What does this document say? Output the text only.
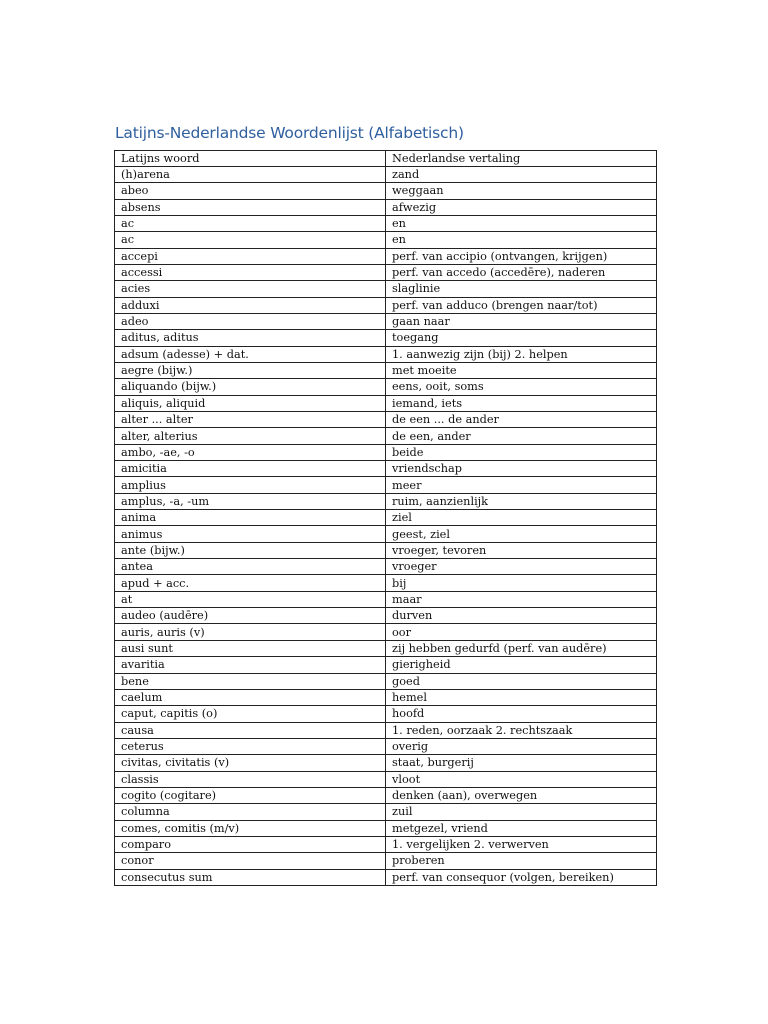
Latijns-Nederlandse Woordenlijst (Alfabetisch)
Latijns woord	Nederlandse vertaling
(h)arena	zand
abeo	weggaan
absens	afwezig
ac	en
ac	en
accepi	perf. van accipio (ontvangen, krijgen)
accessi	perf. van accedo (accedēre), naderen
acies	slaglinie
adduxi	perf. van adduco (brengen naar/tot)
adeo	gaan naar
aditus, aditus	toegang
adsum (adesse) + dat.	1. aanwezig zijn (bij) 2. helpen
aegre (bijw.)	met moeite
aliquando (bijw.)	eens, ooit, soms
aliquis, aliquid	iemand, iets
alter ... alter	de een ... de ander
alter, alterius	de een, ander
ambo, -ae, -o	beide
amicitia	vriendschap
amplius	meer
amplus, -a, -um	ruim, aanzienlijk
anima	ziel
animus	geest, ziel
ante (bijw.)	vroeger, tevoren
antea	vroeger
apud + acc.	bij
at	maar
audeo (audēre)	durven
auris, auris (v)	oor
ausi sunt	zij hebben gedurfd (perf. van audēre)
avaritia	gierigheid
bene	goed
caelum	hemel
caput, capitis (o)	hoofd
causa	1. reden, oorzaak 2. rechtszaak
ceterus	overig
civitas, civitatis (v)	staat, burgerij
classis	vloot
cogito (cogitare)	denken (aan), overwegen
columna	zuil
comes, comitis (m/v)	metgezel, vriend
comparo	1. vergelijken 2. verwerven
conor	proberen
consecutus sum	perf. van consequor (volgen, bereiken)
